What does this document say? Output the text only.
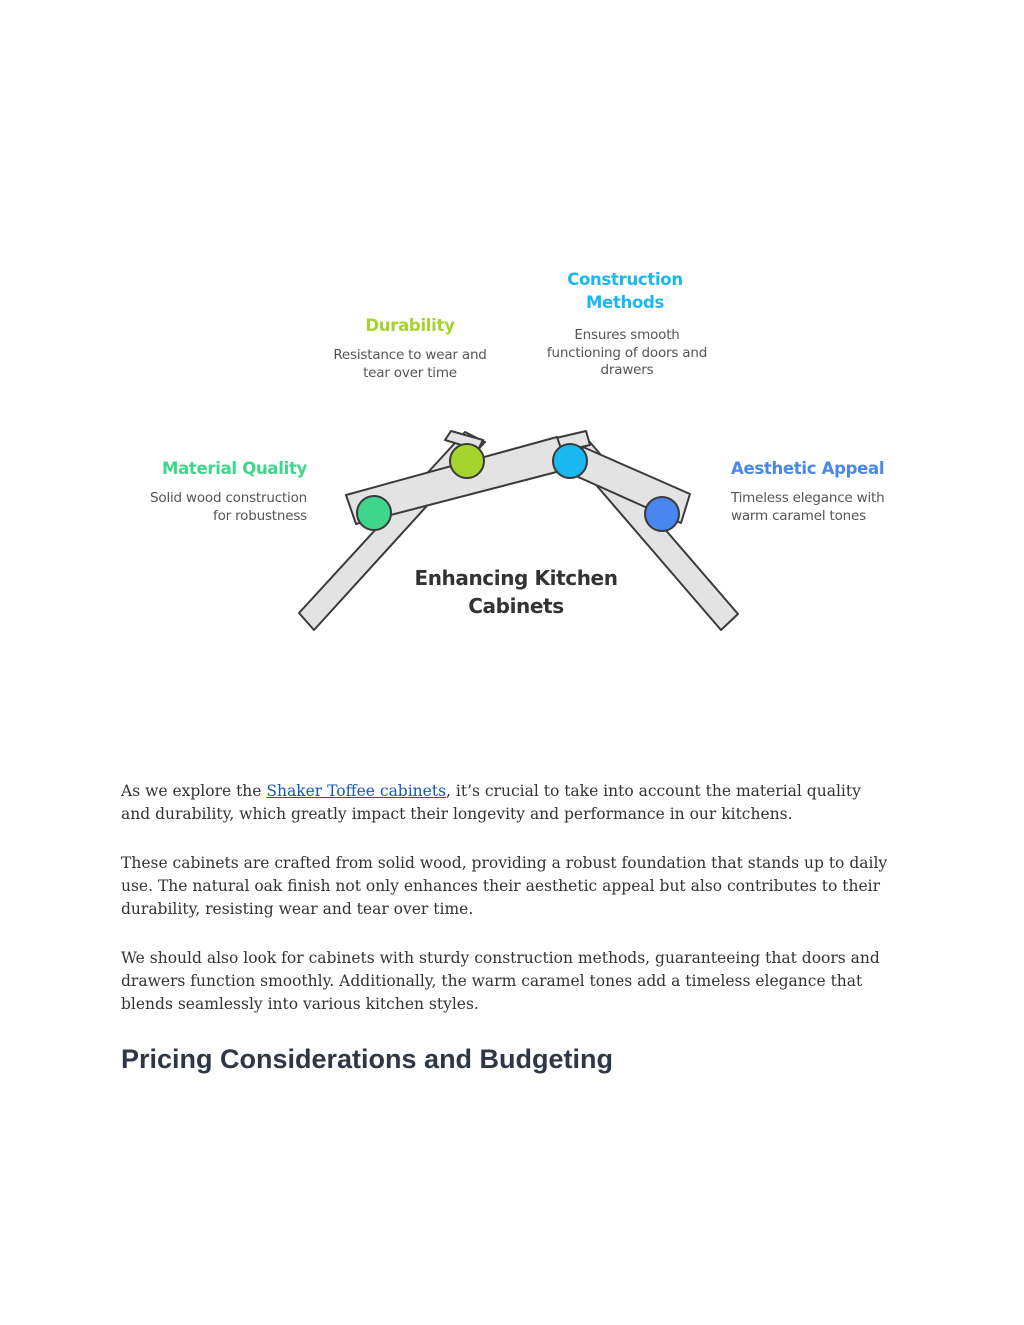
Material Quality
Solid wood construction for robustness
Durability
Resistance to wear and tear over time
Construction Methods
Ensures smooth functioning of doors and drawers
Aesthetic Appeal
Timeless elegance with warm caramel tones
Enhancing Kitchen Cabinets

As we explore the Shaker Toffee cabinets, it’s crucial to take into account the material quality and durability, which greatly impact their longevity and performance in our kitchens.

These cabinets are crafted from solid wood, providing a robust foundation that stands up to daily use. The natural oak finish not only enhances their aesthetic appeal but also contributes to their durability, resisting wear and tear over time.

We should also look for cabinets with sturdy construction methods, guaranteeing that doors and drawers function smoothly. Additionally, the warm caramel tones add a timeless elegance that blends seamlessly into various kitchen styles.

Pricing Considerations and Budgeting
